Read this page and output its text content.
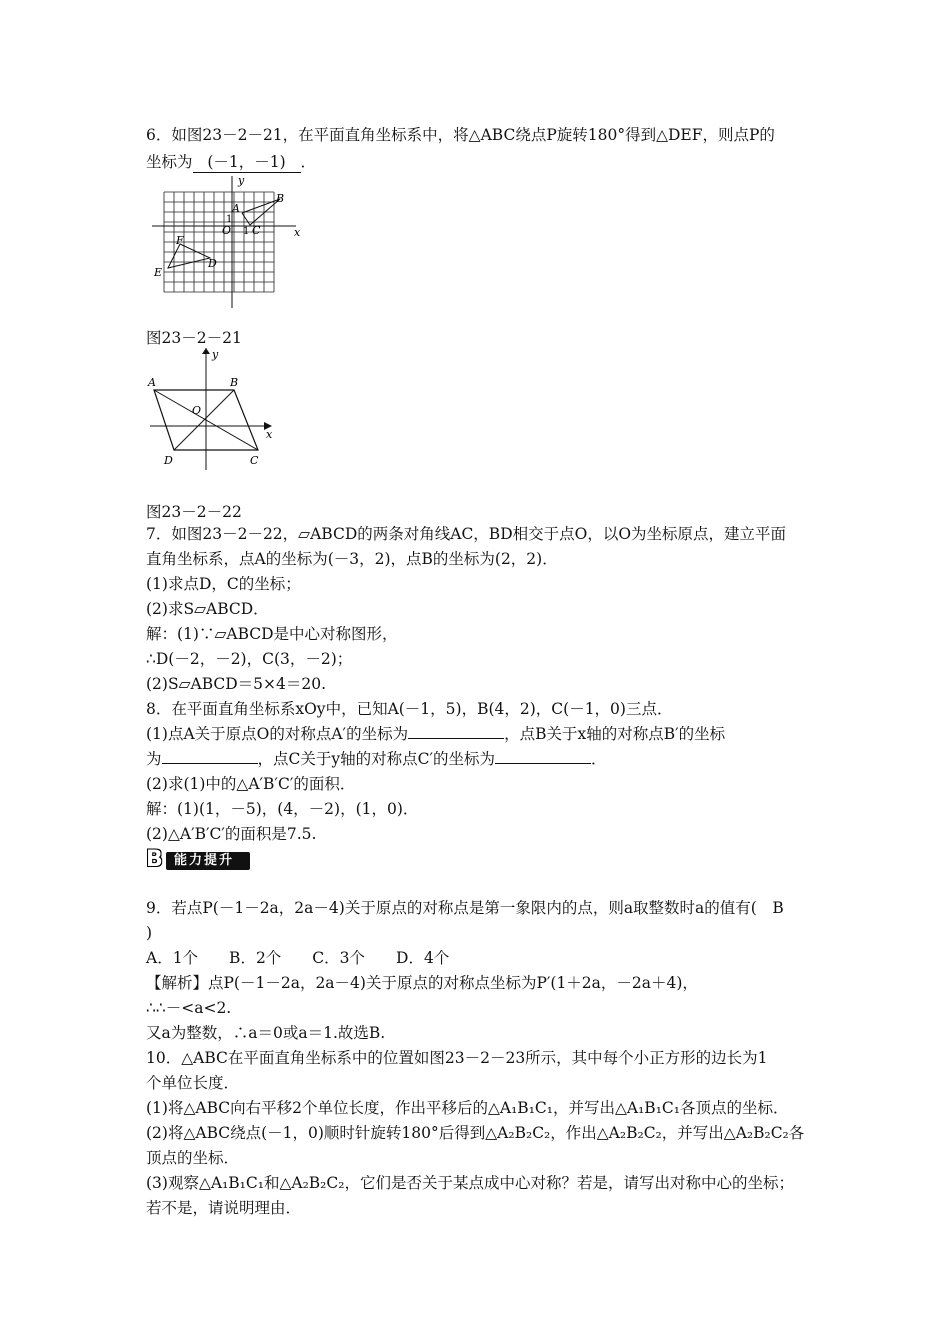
6．如图23－2－21，在平面直角坐标系中，将△ABC绕点P旋转180°得到△DEF，则点P的
坐标为 (－1，－1) ．
y
x
A
B
C
O
1
1
D
E
F
图23－2－21
y
x
A	B
C
D
O
图23－2－22
7．如图23－2－22，▱ABCD的两条对角线AC，BD相交于点O，以O为坐标原点，建立平面
直角坐标系，点A的坐标为(－3，2)，点B的坐标为(2，2)．
(1)求点D，C的坐标；
(2)求S▱ABCD．
解：(1)∵▱ABCD是中心对称图形，
∴D(－2，－2)，C(3，－2)；
(2)S▱ABCD＝5×4＝20.
8．在平面直角坐标系xOy中，已知A(－1，5)，B(4，2)，C(－1，0)三点．
(1)点A关于原点O的对称点A′的坐标为	，点B关于x轴的对称点B′的坐标
为	，点C关于y轴的对称点C′的坐标为	．
(2)求(1)中的△A′B′C′的面积．
解：(1)(1，－5)，(4，－2)，(1，0)．
(2)△A′B′C′的面积是7.5.
B 能力提升
9．若点P(－1－2a，2a－4)关于原点的对称点是第一象限内的点，则a取整数时a的值有(　B
)
A．1个　　B．2个　　C．3个　　D．4个
【解析】点P(－1－2a，2a－4)关于原点的对称点坐标为P′(1＋2a，－2a＋4)，
∴∴－<a<2.
又a为整数，∴a＝0或a＝1.故选B.
10．△ABC在平面直角坐标系中的位置如图23－2－23所示，其中每个小正方形的边长为1
个单位长度．
(1)将△ABC向右平移2个单位长度，作出平移后的△A₁B₁C₁，并写出△A₁B₁C₁各顶点的坐标．
(2)将△ABC绕点(－1，0)顺时针旋转180°后得到△A₂B₂C₂，作出△A₂B₂C₂，并写出△A₂B₂C₂各
顶点的坐标．
(3)观察△A₁B₁C₁和△A₂B₂C₂，它们是否关于某点成中心对称？若是，请写出对称中心的坐标；
若不是，请说明理由．
